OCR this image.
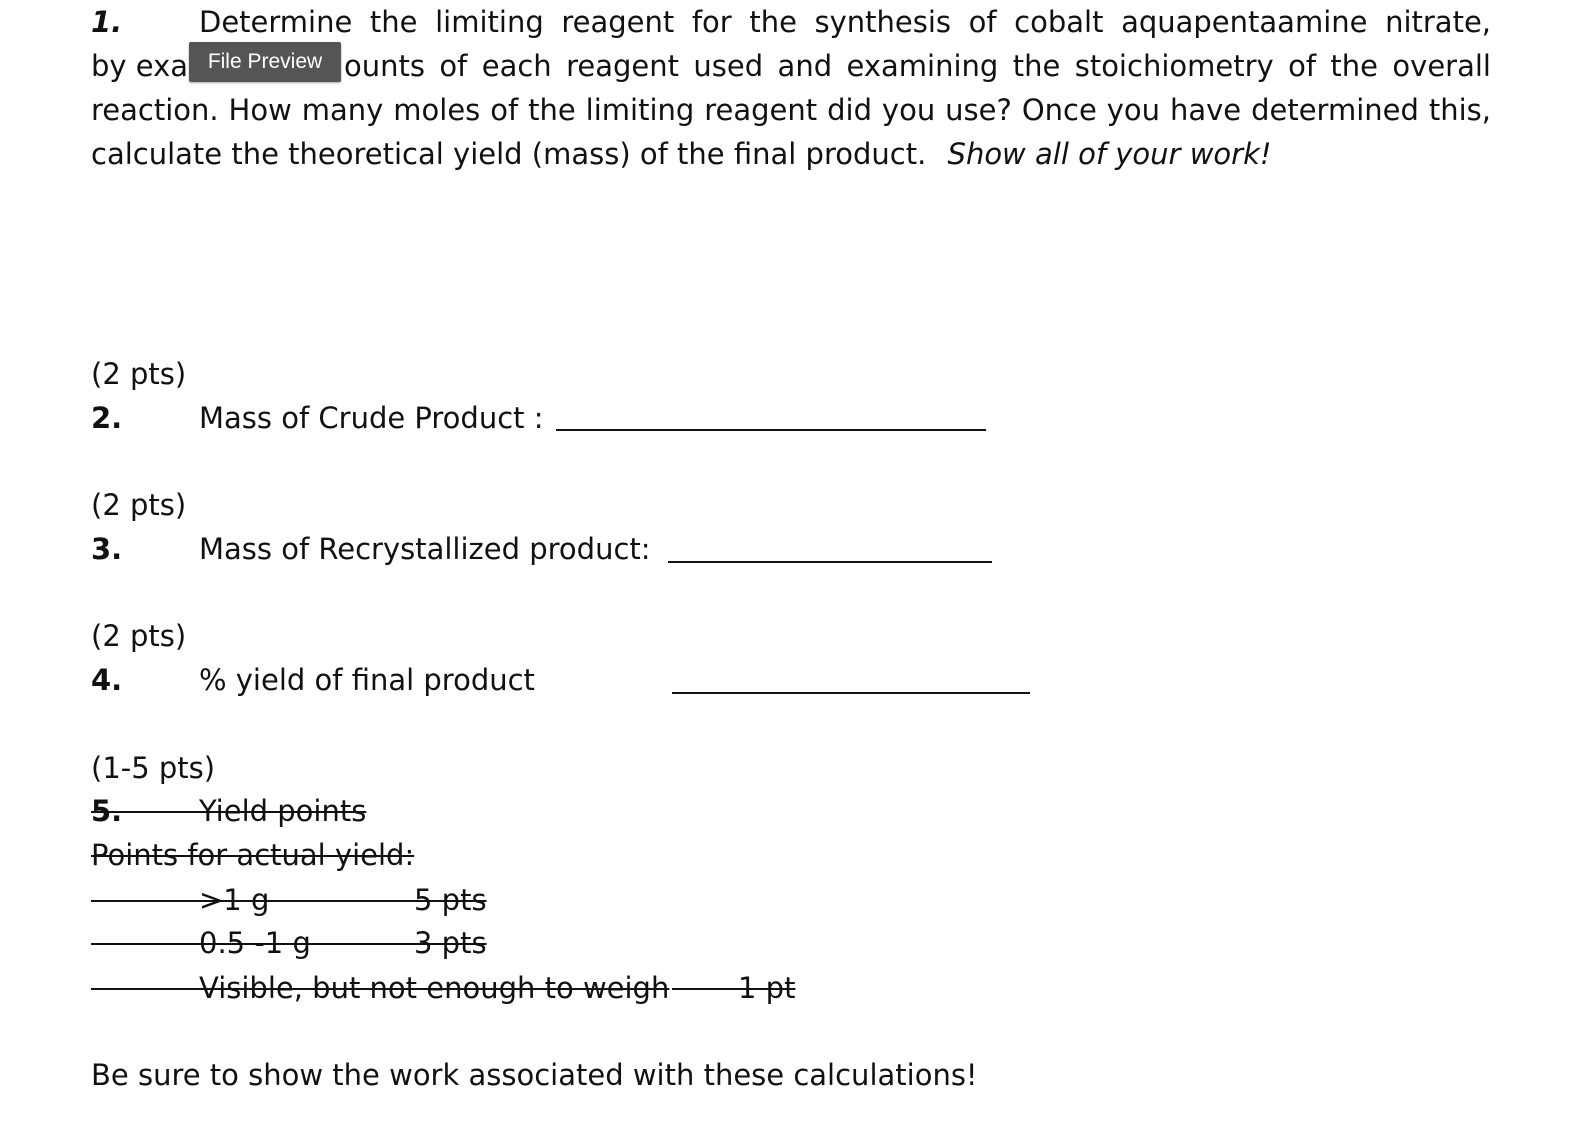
1.	Determine the limiting reagent for the synthesis of cobalt aquapentaamine nitrate,
by exa	ounts of each reagent used and examining the stoichiometry of the overall
reaction. How many moles of the limiting reagent did you use? Once you have determined this,
calculate the theoretical yield (mass) of the final product. Show all of your work!
File Preview
(2 pts)
2.	Mass of Crude Product :
(2 pts)
3.	Mass of Recrystallized product:
(2 pts)
4.	% yield of final product
(1-5 pts)
5.	Yield points
Points for actual yield:
>1 g	5 pts
0.5 -1 g	3 pts
Visible, but not enough to weigh 1 pt
Be sure to show the work associated with these calculations!
